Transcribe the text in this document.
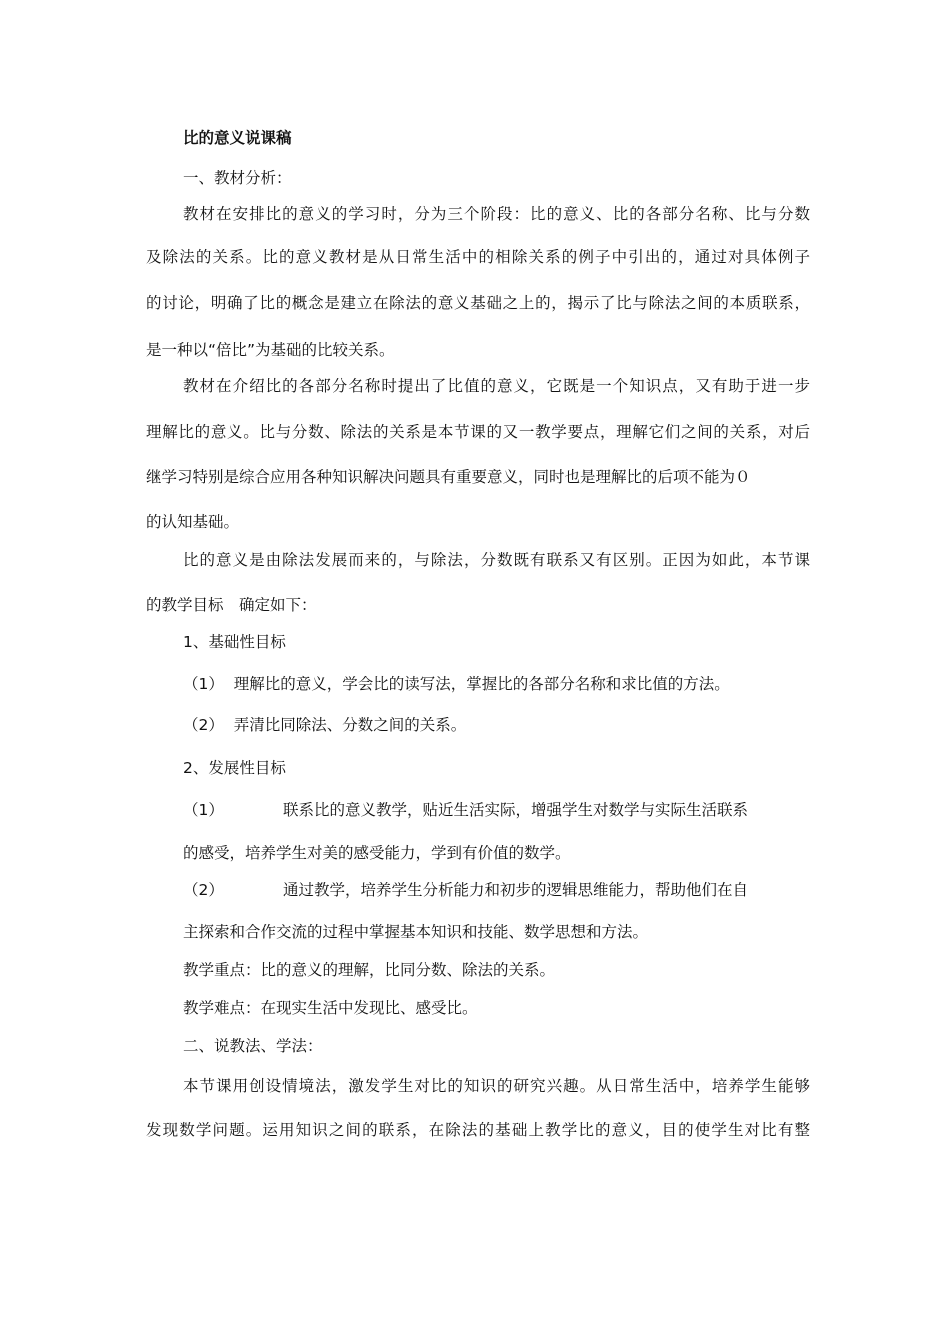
比的意义说课稿
一、教材分析：
教材在安排比的意义的学习时，分为三个阶段：比的意义、比的各部分名称、比与分数
及除法的关系。比的意义教材是从日常生活中的相除关系的例子中引出的，通过对具体例子
的讨论，明确了比的概念是建立在除法的意义基础之上的，揭示了比与除法之间的本质联系，
是一种以“倍比”为基础的比较关系。
教材在介绍比的各部分名称时提出了比值的意义，它既是一个知识点，又有助于进一步
理解比的意义。比与分数、除法的关系是本节课的又一教学要点，理解它们之间的关系，对后
继学习特别是综合应用各种知识解决问题具有重要意义，同时也是理解比的后项不能为０
的认知基础。
比的意义是由除法发展而来的，与除法，分数既有联系又有区别。正因为如此，本节课
的教学目标　确定如下：
1、基础性目标
（1）  理解比的意义，学会比的读写法，掌握比的各部分名称和求比值的方法。
（2）  弄清比同除法、分数之间的关系。
2、发展性目标
（1）	联系比的意义教学，贴近生活实际，增强学生对数学与实际生活联系
的感受，培养学生对美的感受能力，学到有价值的数学。
（2）	通过教学，培养学生分析能力和初步的逻辑思维能力，帮助他们在自
主探索和合作交流的过程中掌握基本知识和技能、数学思想和方法。
教学重点：比的意义的理解，比同分数、除法的关系。
教学难点：在现实生活中发现比、感受比。
二、说教法、学法：
本节课用创设情境法，激发学生对比的知识的研究兴趣。从日常生活中，培养学生能够
发现数学问题。运用知识之间的联系，在除法的基础上教学比的意义，目的使学生对比有整
